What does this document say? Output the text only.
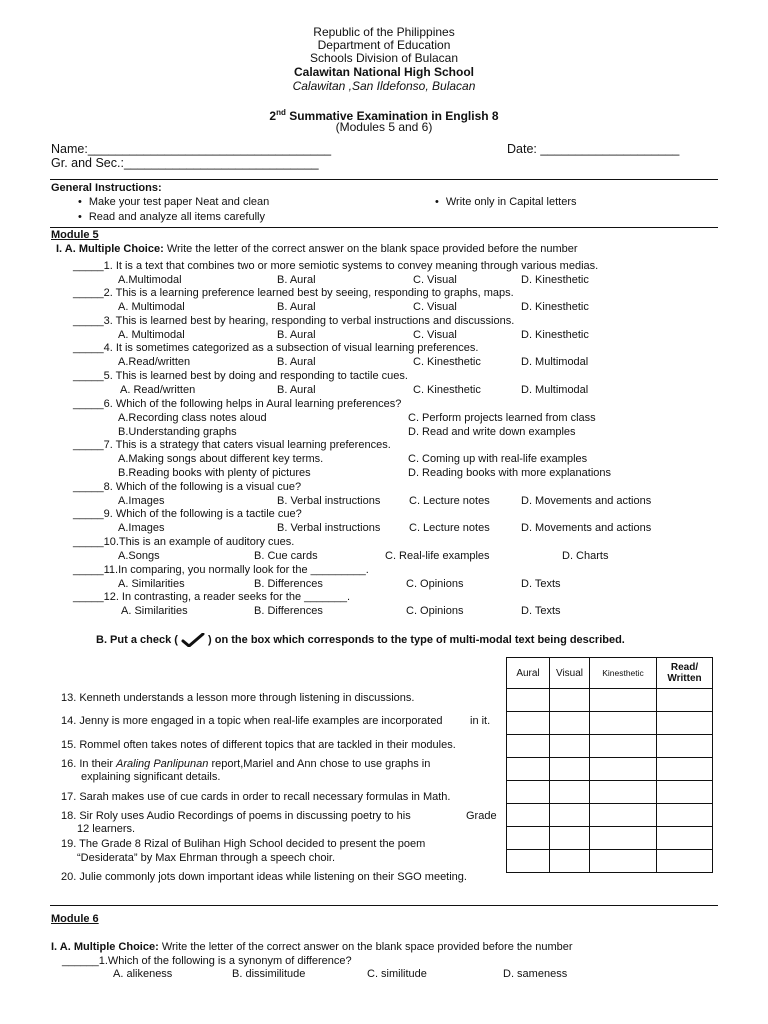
Republic of the Philippines
Department of Education
Schools Division of Bulacan
Calawitan National High School
Calawitan ,San Ildefonso, Bulacan
2nd Summative Examination in English 8
(Modules 5 and 6)
Name:___________________________________	Date: ____________________
Gr. and Sec.:____________________________
General Instructions:
• Make your test paper Neat and clean
• Read and analyze all items carefully
• Write only in Capital letters
Module 5
I. A. Multiple Choice: Write the letter of the correct answer on the blank space provided before the number
_____1. It is a text that combines two or more semiotic systems to convey meaning through various medias.
A.Multimodal	B. Aural	C. Visual	D. Kinesthetic
_____2. This is a learning preference learned best by seeing, responding to graphs, maps.
A. Multimodal	B. Aural	C. Visual	D. Kinesthetic
_____3. This is learned best by hearing, responding to verbal instructions and discussions.
A. Multimodal	B. Aural	C. Visual	D. Kinesthetic
_____4. It is sometimes categorized as a subsection of visual learning preferences.
A.Read/written	B. Aural	C. Kinesthetic	D. Multimodal
_____5. This is learned best by doing and responding to tactile cues.
A. Read/written	B. Aural	C. Kinesthetic	D. Multimodal
_____6. Which of the following helps in Aural learning preferences?
A.Recording class notes aloud
B.Understanding graphs
C. Perform projects learned from class
D. Read and write down examples
_____7. This is a strategy that caters visual learning preferences.
A.Making songs about different key terms.
B.Reading books with plenty of pictures
C. Coming up with real-life examples
D. Reading books with more explanations
_____8. Which of the following is a visual cue?
A.Images	B. Verbal instructions	C. Lecture notes	D. Movements and actions
_____9. Which of the following is a tactile cue?
A.Images	B. Verbal instructions	C. Lecture notes	D. Movements and actions
_____10.This is an example of auditory cues.
A.Songs	B. Cue cards	C. Real-life examples	D. Charts
_____11.In comparing, you normally look for the _________.
A. Similarities	B. Differences	C. Opinions	D. Texts
_____12. In contrasting, a reader seeks for the _______.
A. Similarities	B. Differences	C. Opinions	D. Texts
B. Put a check (	) on the box which corresponds to the type of multi-modal text being described.
Aural	Visual	Kinesthetic	Read/
Written

13. Kenneth understands a lesson more through listening in discussions.
14. Jenny is more engaged in a topic when real-life examples are incorporated in it.
15. Rommel often takes notes of different topics that are tackled in their modules.
16. In their Araling Panlipunan report,Mariel and Ann chose to use graphs in
explaining significant details.
17. Sarah makes use of cue cards in order to recall necessary formulas in Math.
18. Sir Roly uses Audio Recordings of poems in discussing poetry to his	Grade
12 learners.
19. The Grade 8 Rizal of Bulihan High School decided to present the poem
“Desiderata” by Max Ehrman through a speech choir.
20. Julie commonly jots down important ideas while listening on their SGO meeting.
Module 6
I. A. Multiple Choice: Write the letter of the correct answer on the blank space provided before the number
______1.Which of the following is a synonym of difference?
A. alikeness	B. dissimilitude	C. similitude	D. sameness
